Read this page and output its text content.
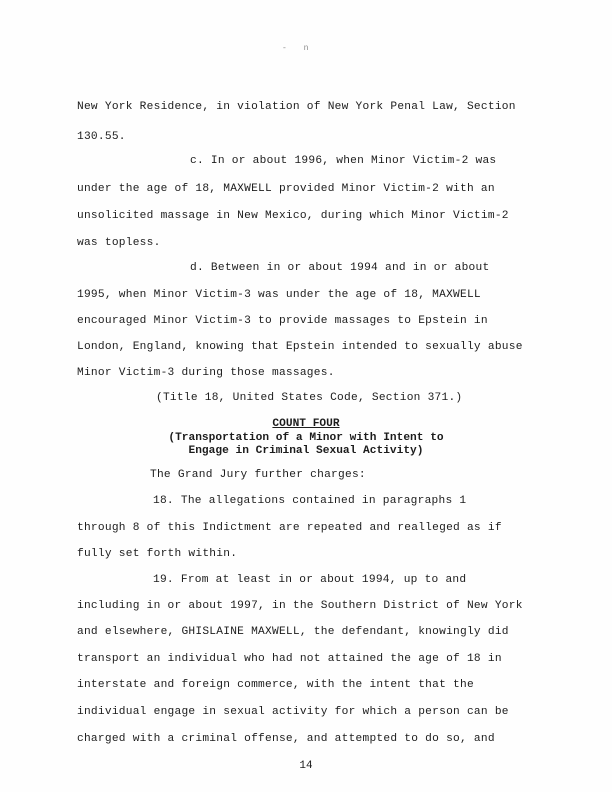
- n
New York Residence, in violation of New York Penal Law, Section
130.55.
c. In or about 1996, when Minor Victim-2 was
under the age of 18, MAXWELL provided Minor Victim-2 with an
unsolicited massage in New Mexico, during which Minor Victim-2
was topless.
d. Between in or about 1994 and in or about
1995, when Minor Victim-3 was under the age of 18, MAXWELL
encouraged Minor Victim-3 to provide massages to Epstein in
London, England, knowing that Epstein intended to sexually abuse
Minor Victim-3 during those massages.
(Title 18, United States Code, Section 371.)
COUNT FOUR
(Transportation of a Minor with Intent to
Engage in Criminal Sexual Activity)
The Grand Jury further charges:
18. The allegations contained in paragraphs 1
through 8 of this Indictment are repeated and realleged as if
fully set forth within.
19. From at least in or about 1994, up to and
including in or about 1997, in the Southern District of New York
and elsewhere, GHISLAINE MAXWELL, the defendant, knowingly did
transport an individual who had not attained the age of 18 in
interstate and foreign commerce, with the intent that the
individual engage in sexual activity for which a person can be
charged with a criminal offense, and attempted to do so, and
14
